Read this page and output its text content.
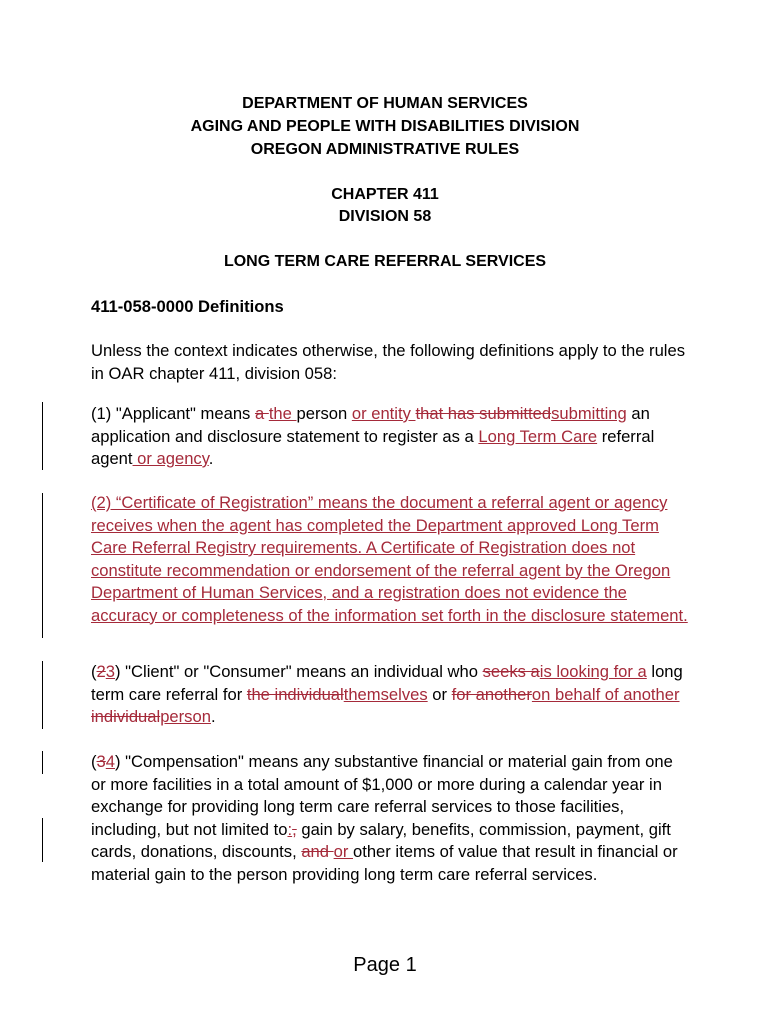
DEPARTMENT OF HUMAN SERVICES
AGING AND PEOPLE WITH DISABILITIES DIVISION
OREGON ADMINISTRATIVE RULES
CHAPTER 411
DIVISION 58
LONG TERM CARE REFERRAL SERVICES
411-058-0000 Definitions
Unless the context indicates otherwise, the following definitions apply to the rules in OAR chapter 411, division 058:
(1) "Applicant" means a the person or entity that has submittedsubmitting an application and disclosure statement to register as a Long Term Care referral agent or agency.
(2) “Certificate of Registration” means the document a referral agent or agency receives when the agent has completed the Department approved Long Term Care Referral Registry requirements. A Certificate of Registration does not constitute recommendation or endorsement of the referral agent by the Oregon Department of Human Services, and a registration does not evidence the accuracy or completeness of the information set forth in the disclosure statement.
(23) "Client" or "Consumer" means an individual who seeks ais looking for a long term care referral for the individualthemselves or for anotheron behalf of another individualperson.
(34) "Compensation" means any substantive financial or material gain from one or more facilities in a total amount of $1,000 or more during a calendar year in exchange for providing long term care referral services to those facilities, including, but not limited to:, gain by salary, benefits, commission, payment, gift cards, donations, discounts, and or other items of value that result in financial or material gain to the person providing long term care referral services.
Page 1
